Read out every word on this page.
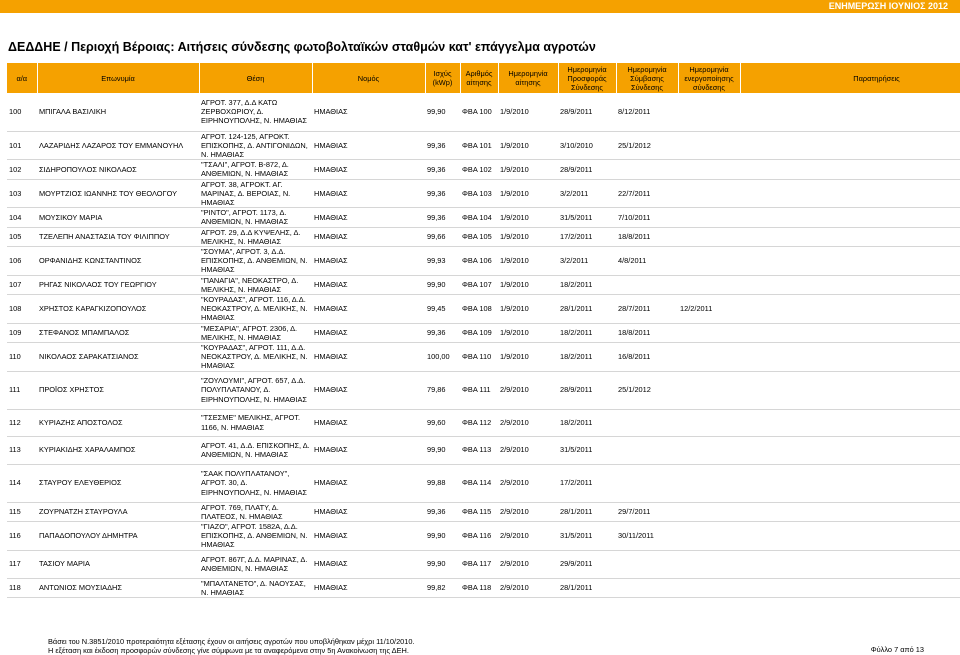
ΕΝΗΜΕΡΩΣΗ ΙΟΥΝΙΟΣ 2012
ΔΕΔΔΗΕ / Περιοχή Βέροιας: Αιτήσεις σύνδεσης φωτοβολταϊκών σταθμών κατ' επάγγελμα αγροτών
α/α	Επωνυμία	Θέση	Νομός	Ισχύς (kWp)	Αριθμός αίτησης	Ημερομηνία αίτησης	Ημερομηνία Προσφοράς Σύνδεσης	Ημερομηνία Σύμβασης Σύνδεσης	Ημερομηνία ενεργοποίησης σύνδεσης	Παρατηρήσεις
100	ΜΠΙΓΑΛΑ ΒΑΣΙΛΙΚΗ	ΑΓΡΟΤ. 377, Δ.Δ ΚΑΤΩ ΖΕΡΒΟΧΩΡΙΟΥ, Δ. ΕΙΡΗΝΟΥΠΟΛΗΣ, Ν. ΗΜΑΘΙΑΣ	ΗΜΑΘΙΑΣ	99,90	ΦΒΑ 100	1/9/2010	28/9/2011	8/12/2011		
101	ΛΑΖΑΡΙΔΗΣ ΛΑΖΑΡΟΣ ΤΟΥ ΕΜΜΑΝΟΥΗΛ	ΑΓΡΟΤ. 124-125, ΑΓΡΟΚΤ. ΕΠΙΣΚΟΠΗΣ, Δ. ΑΝΤΙΓΟΝΙΔΩΝ, Ν. ΗΜΑΘΙΑΣ	ΗΜΑΘΙΑΣ	99,36	ΦΒΑ 101	1/9/2010	3/10/2010	25/1/2012		
102	ΣΙΔΗΡΟΠΟΥΛΟΣ ΝΙΚΟΛΑΟΣ	"ΤΣΑΛΙ", ΑΓΡΟΤ. Β-872, Δ. ΑΝΘΕΜΙΩΝ, Ν. ΗΜΑΘΙΑΣ	ΗΜΑΘΙΑΣ	99,36	ΦΒΑ 102	1/9/2010	28/9/2011			
103	ΜΟΥΡΤΖΙΟΣ ΙΩΑΝΝΗΣ ΤΟΥ ΘΕΟΛΟΓΟΥ	ΑΓΡΟΤ. 38, ΑΓΡΟΚΤ. ΑΓ. ΜΑΡΙΝΑΣ, Δ. ΒΕΡΟΙΑΣ, Ν. ΗΜΑΘΙΑΣ	ΗΜΑΘΙΑΣ	99,36	ΦΒΑ 103	1/9/2010	3/2/2011	22/7/2011		
104	ΜΟΥΣΙΚΟΥ ΜΑΡΙΑ	"ΡΙΝΤΟ", ΑΓΡΟΤ. 1173, Δ. ΑΝΘΕΜΙΩΝ, Ν. ΗΜΑΘΙΑΣ	ΗΜΑΘΙΑΣ	99,36	ΦΒΑ 104	1/9/2010	31/5/2011	7/10/2011		
105	ΤΖΕΛΕΠΗ ΑΝΑΣΤΑΣΙΑ ΤΟΥ ΦΙΛΙΠΠΟΥ	ΑΓΡΟΤ. 29, Δ.Δ ΚΥΨΕΛΗΣ, Δ. ΜΕΛΙΚΗΣ, Ν. ΗΜΑΘΙΑΣ	ΗΜΑΘΙΑΣ	99,66	ΦΒΑ 105	1/9/2010	17/2/2011	18/8/2011		
106	ΟΡΦΑΝΙΔΗΣ ΚΩΝΣΤΑΝΤΙΝΟΣ	"ΣΟΥΜΑ", ΑΓΡΟΤ. 3, Δ.Δ. ΕΠΙΣΚΟΠΗΣ, Δ. ΑΝΘΕΜΙΩΝ, Ν. ΗΜΑΘΙΑΣ	ΗΜΑΘΙΑΣ	99,93	ΦΒΑ 106	1/9/2010	3/2/2011	4/8/2011		
107	ΡΗΓΑΣ ΝΙΚΟΛΑΟΣ ΤΟΥ ΓΕΩΡΓΙΟΥ	"ΠΑΝΑΓΙΑ", ΝΕΟΚΑΣΤΡΟ, Δ. ΜΕΛΙΚΗΣ, Ν. ΗΜΑΘΙΑΣ	ΗΜΑΘΙΑΣ	99,90	ΦΒΑ 107	1/9/2010	18/2/2011			
108	ΧΡΗΣΤΟΣ ΚΑΡΑΓΚΙΖΟΠΟΥΛΟΣ	"ΚΟΥΡΑΔΑΣ", ΑΓΡΟΤ. 116, Δ.Δ. ΝΕΟΚΑΣΤΡΟΥ, Δ. ΜΕΛΙΚΗΣ, Ν. ΗΜΑΘΙΑΣ	ΗΜΑΘΙΑΣ	99,45	ΦΒΑ 108	1/9/2010	28/1/2011	28/7/2011	12/2/2011	
109	ΣΤΕΦΑΝΟΣ ΜΠΑΜΠΑΛΟΣ	"ΜΕΣΑΡΙΑ", ΑΓΡΟΤ. 2306, Δ. ΜΕΛΙΚΗΣ, Ν. ΗΜΑΘΙΑΣ	ΗΜΑΘΙΑΣ	99,36	ΦΒΑ 109	1/9/2010	18/2/2011	18/8/2011		
110	ΝΙΚΟΛΑΟΣ ΣΑΡΑΚΑΤΣΙΑΝΟΣ	"ΚΟΥΡΑΔΑΣ", ΑΓΡΟΤ. 111, Δ.Δ. ΝΕΟΚΑΣΤΡΟΥ, Δ. ΜΕΛΙΚΗΣ, Ν. ΗΜΑΘΙΑΣ	ΗΜΑΘΙΑΣ	100,00	ΦΒΑ 110	1/9/2010	18/2/2011	16/8/2011		
111	ΠΡΟΪΟΣ ΧΡΗΣΤΟΣ	"ΖΟΥΛΟΥΜΙ", ΑΓΡΟΤ. 657, Δ.Δ. ΠΟΛΥΠΛΑΤΑΝΟΥ, Δ. ΕΙΡΗΝΟΥΠΟΛΗΣ, Ν. ΗΜΑΘΙΑΣ	ΗΜΑΘΙΑΣ	79,86	ΦΒΑ 111	2/9/2010	28/9/2011	25/1/2012		
112	ΚΥΡΙΑΖΗΣ ΑΠΟΣΤΟΛΟΣ	"ΤΣΕΣΜΕ" ΜΕΛΙΚΗΣ, ΑΓΡΟΤ. 1166, Ν. ΗΜΑΘΙΑΣ	ΗΜΑΘΙΑΣ	99,60	ΦΒΑ 112	2/9/2010	18/2/2011			
113	ΚΥΡΙΑΚΙΔΗΣ ΧΑΡΑΛΑΜΠΟΣ	ΑΓΡΟΤ. 41, Δ.Δ. ΕΠΙΣΚΟΠΗΣ, Δ. ΑΝΘΕΜΙΩΝ, Ν. ΗΜΑΘΙΑΣ	ΗΜΑΘΙΑΣ	99,90	ΦΒΑ 113	2/9/2010	31/5/2011			
114	ΣΤΑΥΡΟΥ ΕΛΕΥΘΕΡΙΟΣ	"ΣΑΑΚ ΠΟΛΥΠΛΑΤΑΝΟΥ", ΑΓΡΟΤ. 30, Δ. ΕΙΡΗΝΟΥΠΟΛΗΣ, Ν. ΗΜΑΘΙΑΣ	ΗΜΑΘΙΑΣ	99,88	ΦΒΑ 114	2/9/2010	17/2/2011			
115	ΖΟΥΡΝΑΤΖΗ ΣΤΑΥΡΟΥΛΑ	ΑΓΡΟΤ. 769, ΠΛΑΤΥ, Δ. ΠΛΑΤΕΟΣ, Ν. ΗΜΑΘΙΑΣ	ΗΜΑΘΙΑΣ	99,36	ΦΒΑ 115	2/9/2010	28/1/2011	29/7/2011		
116	ΠΑΠΑΔΟΠΟΥΛΟΥ ΔΗΜΗΤΡΑ	"ΓΙΑΖΟ", ΑΓΡΟΤ. 1582Α, Δ.Δ. ΕΠΙΣΚΟΠΗΣ, Δ. ΑΝΘΕΜΙΩΝ, Ν. ΗΜΑΘΙΑΣ	ΗΜΑΘΙΑΣ	99,90	ΦΒΑ 116	2/9/2010	31/5/2011	30/11/2011		
117	ΤΑΣΙΟΥ ΜΑΡΙΑ	ΑΓΡΟΤ. 867Γ, Δ.Δ. ΜΑΡΙΝΑΣ, Δ. ΑΝΘΕΜΙΩΝ, Ν. ΗΜΑΘΙΑΣ	ΗΜΑΘΙΑΣ	99,90	ΦΒΑ 117	2/9/2010	29/9/2011			
118	ΑΝΤΩΝΙΟΣ ΜΟΥΣΙΑΔΗΣ	"ΜΠΑΛΤΑΝΕΤΟ", Δ. ΝΑΟΥΣΑΣ, Ν. ΗΜΑΘΙΑΣ	ΗΜΑΘΙΑΣ	99,82	ΦΒΑ 118	2/9/2010	28/1/2011			
Βάσει του Ν.3851/2010 προτεραιότητα εξέτασης έχουν οι αιτήσεις αγροτών που υποβλήθηκαν μέχρι 11/10/2010.
Η εξέταση και έκδοση προσφορών σύνδεσης γίνε σύμφωνα με τα αναφερόμενα στην 5η Ανακοίνωση της ΔΕΗ.	Φύλλο 7 από 13
